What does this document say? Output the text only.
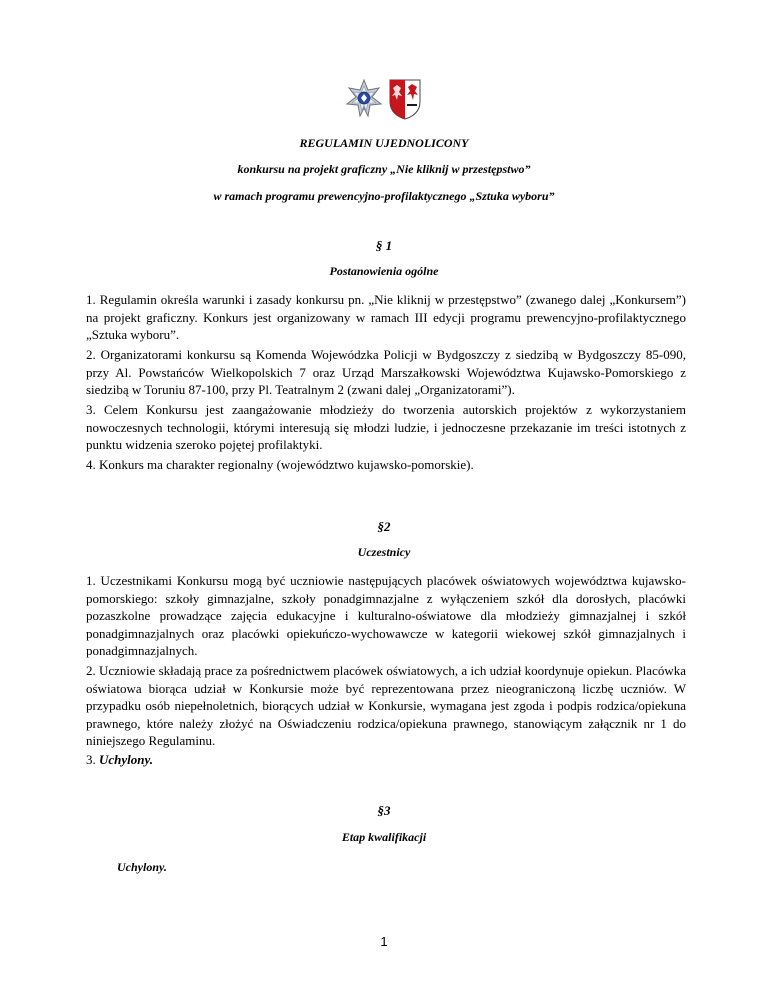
REGULAMIN UJEDNOLICONY
konkursu na projekt graficzny „Nie kliknij w przestępstwo”
w ramach programu prewencyjno-profilaktycznego „Sztuka wyboru”
§ 1
Postanowienia ogólne
1. Regulamin określa warunki i zasady konkursu pn. „Nie kliknij w przestępstwo” (zwanego dalej „Konkursem”) na projekt graficzny. Konkurs jest organizowany w ramach III edycji programu prewencyjno-profilaktycznego „Sztuka wyboru”.
2. Organizatorami konkursu są Komenda Wojewódzka Policji w Bydgoszczy z siedzibą w Bydgoszczy 85-090, przy Al. Powstańców Wielkopolskich 7 oraz Urząd Marszałkowski Województwa Kujawsko-Pomorskiego z siedzibą w Toruniu 87-100, przy Pl. Teatralnym 2 (zwani dalej „Organizatorami”).
3. Celem Konkursu jest zaangażowanie młodzieży do tworzenia autorskich projektów z wykorzystaniem nowoczesnych technologii, którymi interesują się młodzi ludzie, i jednoczesne przekazanie im treści istotnych z punktu widzenia szeroko pojętej profilaktyki.
4. Konkurs ma charakter regionalny (województwo kujawsko-pomorskie).
§2
Uczestnicy
1. Uczestnikami Konkursu mogą być uczniowie następujących placówek oświatowych województwa kujawsko-pomorskiego: szkoły gimnazjalne, szkoły ponadgimnazjalne z wyłączeniem szkół dla dorosłych, placówki pozaszkolne prowadzące zajęcia edukacyjne i kulturalno-oświatowe dla młodzieży gimnazjalnej i szkół ponadgimnazjalnych oraz placówki opiekuńczo-wychowawcze w kategorii wiekowej szkół gimnazjalnych i ponadgimnazjalnych.
2. Uczniowie składają prace za pośrednictwem placówek oświatowych, a ich udział koordynuje opiekun. Placówka oświatowa biorąca udział w Konkursie może być reprezentowana przez nieograniczoną liczbę uczniów. W przypadku osób niepełnoletnich, biorących udział w Konkursie, wymagana jest zgoda i podpis rodzica/opiekuna prawnego, które należy złożyć na Oświadczeniu rodzica/opiekuna prawnego, stanowiącym załącznik nr 1 do niniejszego Regulaminu.
3. Uchylony.
§3
Etap kwalifikacji
Uchylony.
1
